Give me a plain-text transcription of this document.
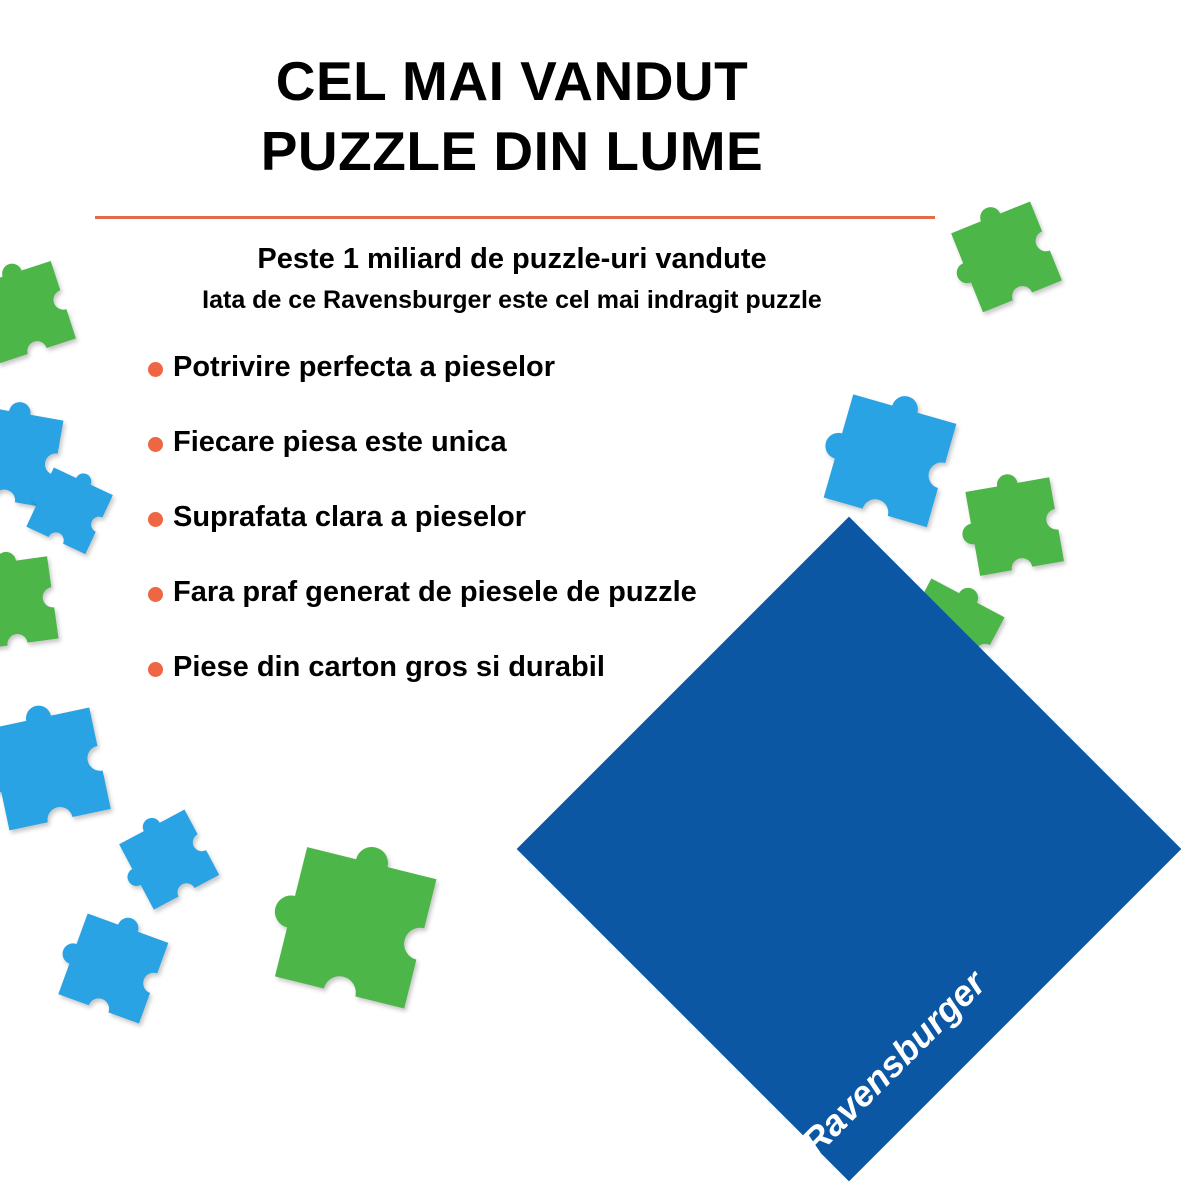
CEL MAI VANDUT
PUZZLE DIN LUME
Peste 1 miliard de puzzle-uri vandute
Iata de ce Ravensburger este cel mai indragit puzzle
Potrivire perfecta a pieselor
Fiecare piesa este unica
Suprafata clara a pieselor
Fara praf generat de piesele de puzzle
Piese din carton gros si durabil
Ravensburger
